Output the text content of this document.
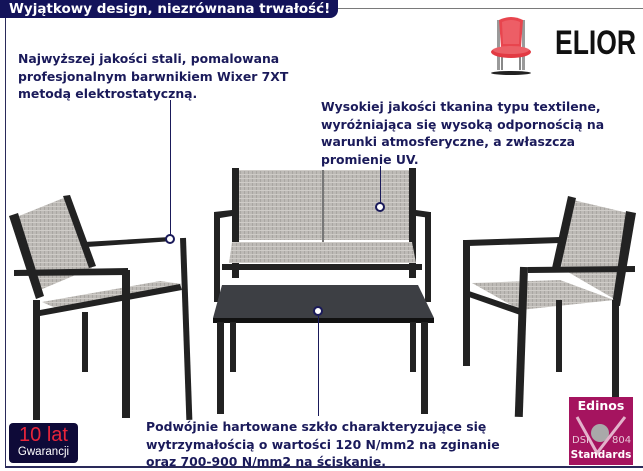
Wyjątkowy design, niezrównana trwałość!
ELIOR
Najwyższej jakości stali, pomalowana
profesjonalnym barwnikiem Wixer 7XT
metodą elektrostatyczną.
Wysokiej jakości tkanina typu textilene,
wyróżniająca się wysoką odpornością na
warunki atmosferyczne, a zwłaszcza
promienie UV.
Podwójnie hartowane szkło charakteryzujące się
wytrzymałością o wartości 120 N/mm2 na zginanie
oraz 700-900 N/mm2 na ściskanie.
10 lat
Gwarancji
Edinos
DSI 804
Standards
